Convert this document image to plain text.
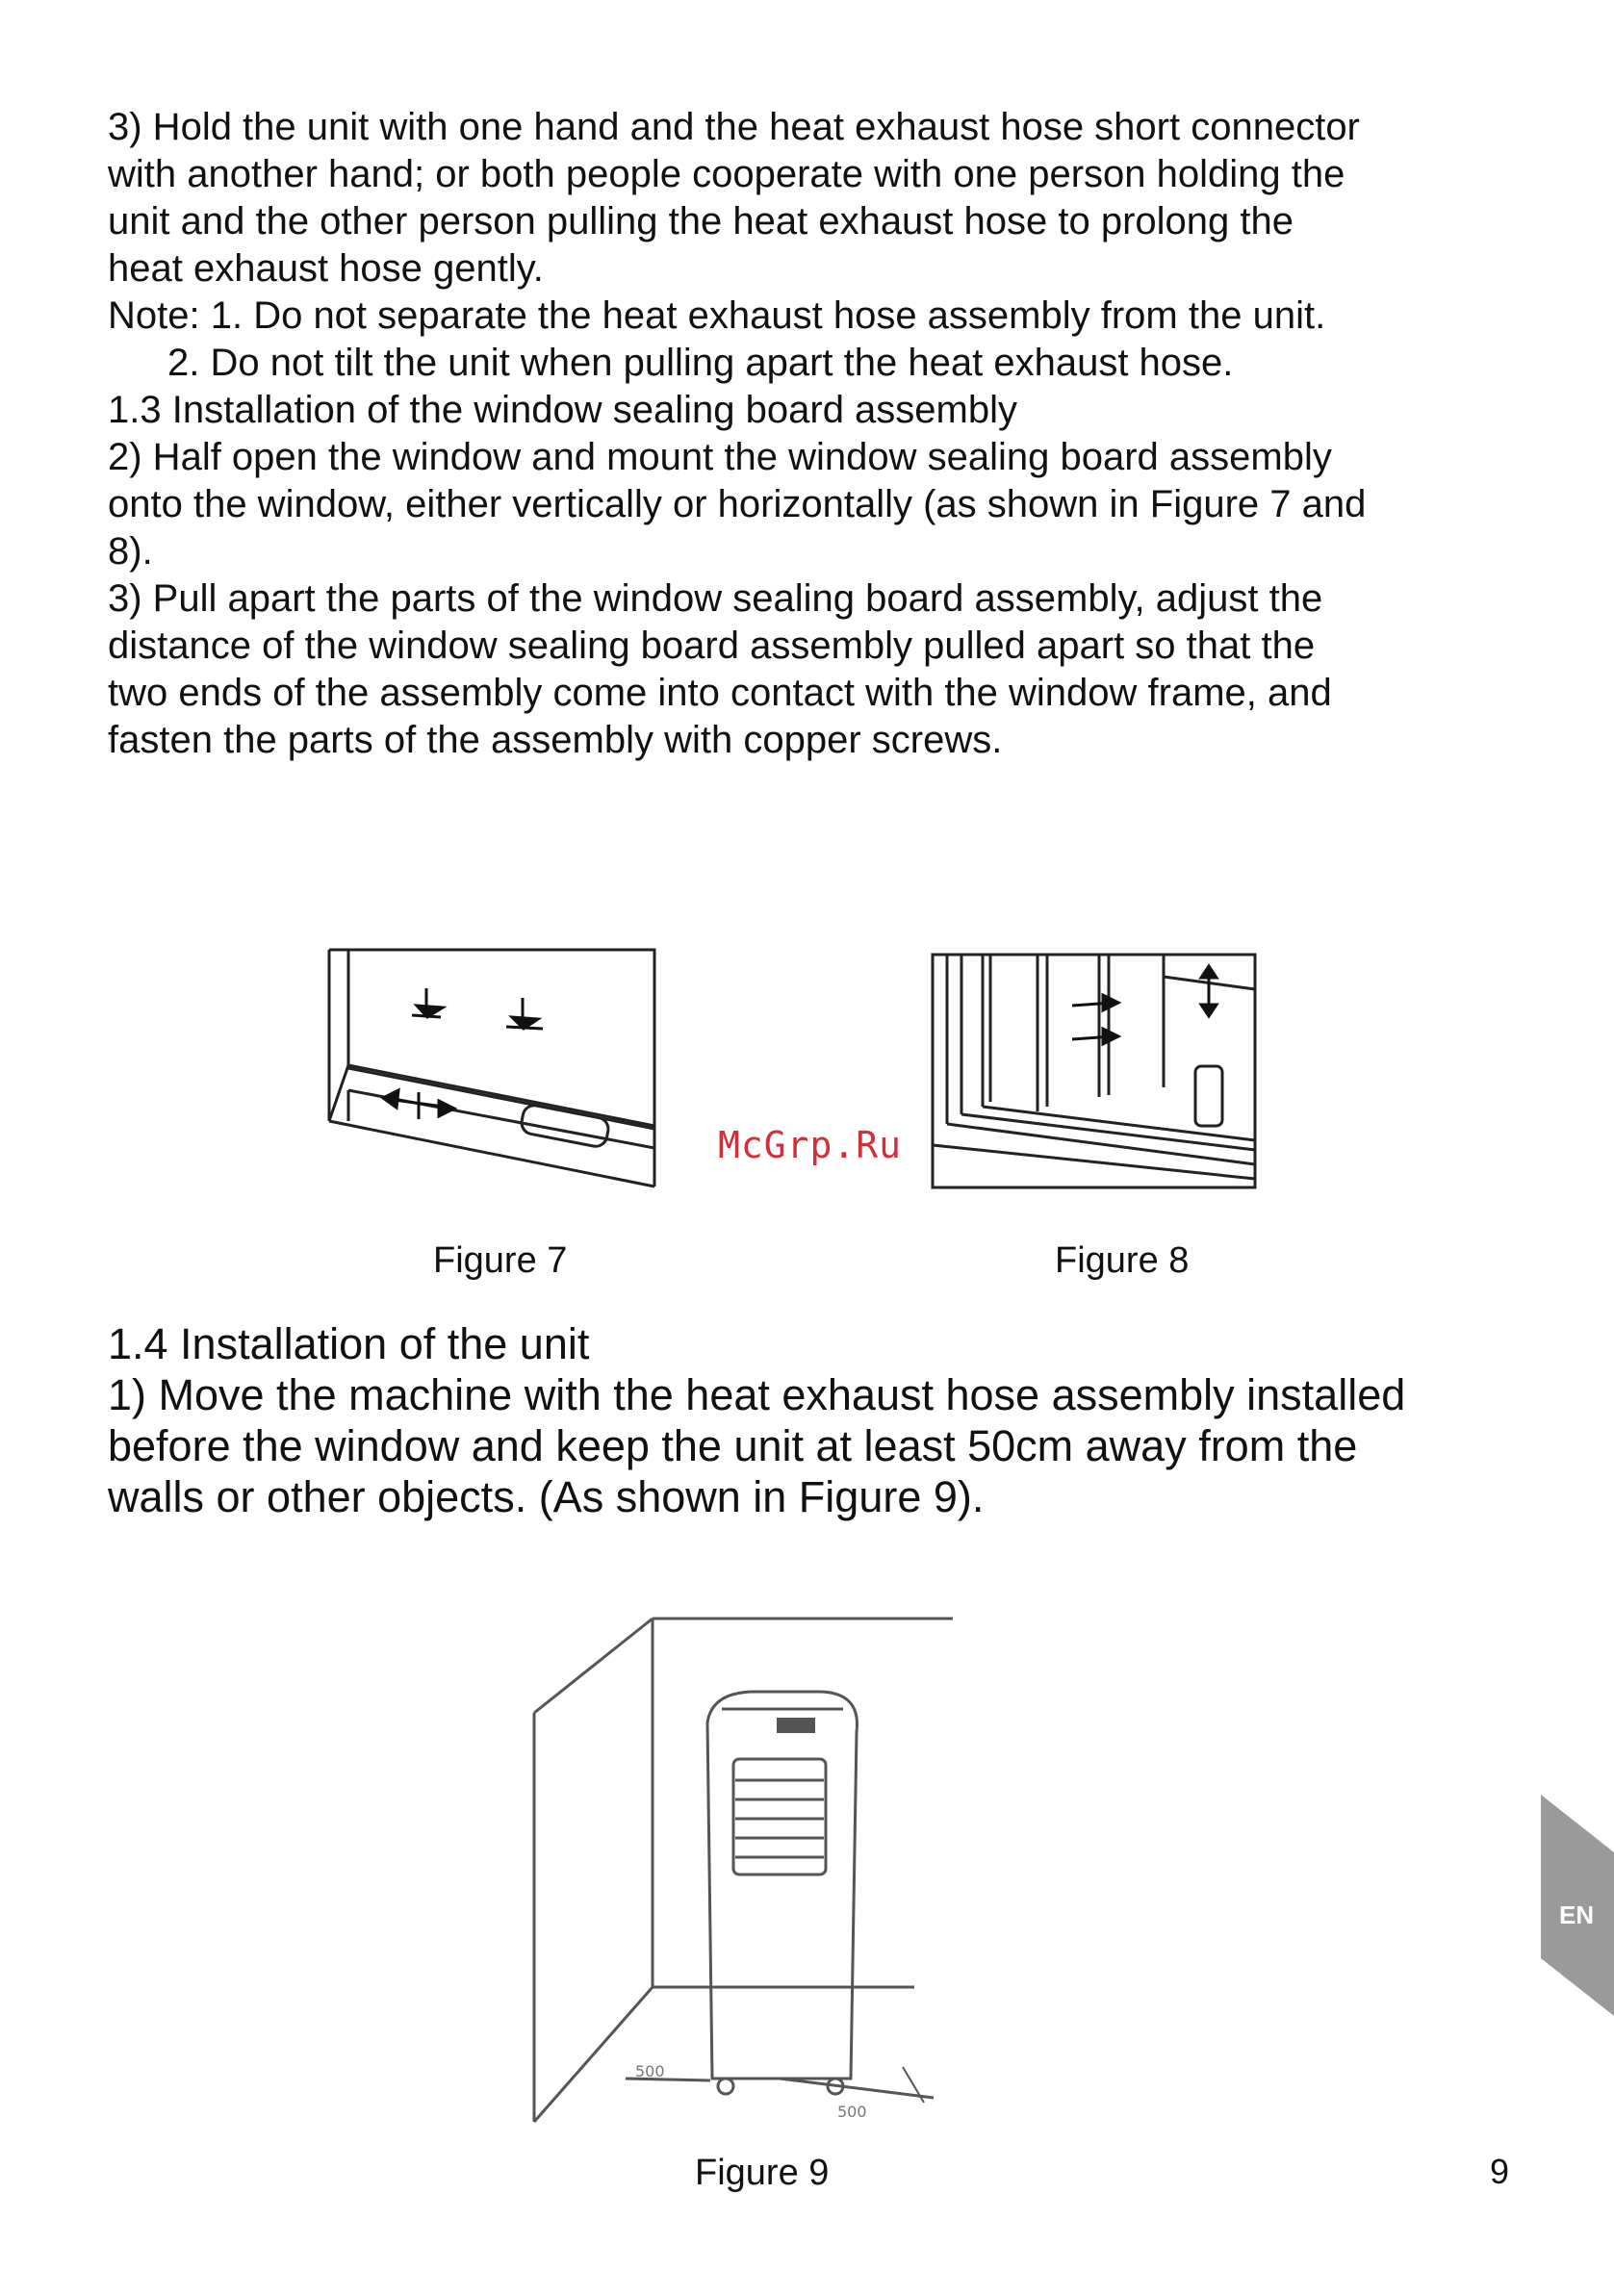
3) Hold the unit with one hand and the heat exhaust hose short connector
with another hand; or both people cooperate with one person holding the
unit and the other person pulling the heat exhaust hose to prolong the
heat exhaust hose gently.
Note: 1. Do not separate the heat exhaust hose assembly from the unit.
2. Do not tilt the unit when pulling apart the heat exhaust hose.
1.3 Installation of the window sealing board assembly
2) Half open the window and mount the window sealing board assembly
onto the window, either vertically or horizontally (as shown in Figure 7 and
8).
3) Pull apart the parts of the window sealing board assembly, adjust the
distance of the window sealing board assembly pulled apart so that the
two ends of the assembly come into contact with the window frame, and
fasten the parts of the assembly with copper screws.
Figure 7	Figure 8
McGrp.Ru
1.4 Installation of the unit
1) Move the machine with the heat exhaust hose assembly installed
before the window and keep the unit at least 50cm away from the
walls or other objects. (As shown in Figure 9).
500
500
Figure 9
EN
9
